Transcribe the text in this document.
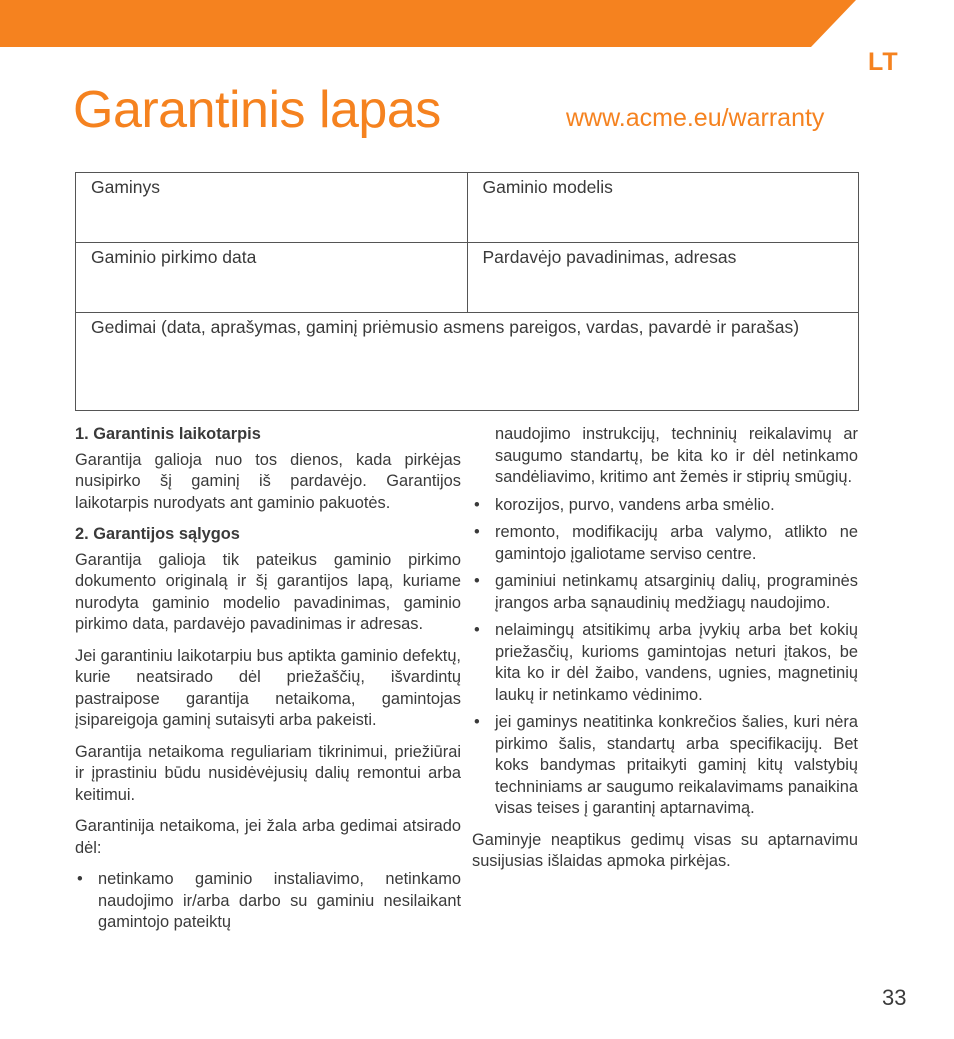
LT
Garantinis lapas	www.acme.eu/warranty
Gaminys	Gaminio modelis
Gaminio pirkimo data	Pardavėjo pavadinimas, adresas
Gedimai (data, aprašymas, gaminį priėmusio asmens pareigos, vardas, pavardė ir parašas)	
1. Garantinis laikotarpis

Garantija galioja nuo tos dienos, kada pirkėjas nusipirko šį gaminį iš pardavėjo. Garantijos laikotarpis nurodyats ant gaminio pakuotės.

2. Garantijos sąlygos

Garantija galioja tik pateikus gaminio pirkimo dokumento originalą ir šį garantijos lapą, kuriame nurodyta gaminio modelio pavadinimas, gaminio pirkimo data, pardavėjo pavadinimas ir adresas.

Jei garantiniu laikotarpiu bus aptikta gaminio defektų, kurie neatsirado dėl priežaščių, išvardintų pastraipose garantija netaikoma, gamintojas įsipareigoja gaminį sutaisyti arba pakeisti.

Garantija netaikoma reguliariam tikrinimui, priežiūrai ir įprastiniu būdu nusidėvėjusių dalių remontui arba keitimui.

Garantinija netaikoma, jei žala arba gedimai atsirado dėl:

• netinkamo gaminio instaliavimo, netinkamo naudojimo ir/arba darbo su gaminiu nesilaikant gamintojo pateiktų
naudojimo instrukcijų, techninių reikalavimų ar saugumo standartų, be kita ko ir dėl netinkamo sandėliavimo, kritimo ant žemės ir stiprių smūgių.
• korozijos, purvo, vandens arba smėlio.
• remonto, modifikacijų arba valymo, atlikto ne gamintojo įgaliotame serviso centre.
• gaminiui netinkamų atsarginių dalių, programinės įrangos arba sąnaudinių medžiagų naudojimo.
• nelaimingų atsitikimų arba įvykių arba bet kokių priežasčių, kurioms gamintojas neturi įtakos, be kita ko ir dėl žaibo, vandens, ugnies, magnetinių laukų ir netinkamo vėdinimo.
• jei gaminys neatitinka konkrečios šalies, kuri nėra pirkimo šalis, standartų arba specifikacijų. Bet koks bandymas pritaikyti gaminį kitų valstybių techniniams ar saugumo reikalavimams panaikina visas teises į garantinį aptarnavimą.

Gaminyje neaptikus gedimų visas su aptarnavimu susijusias išlaidas apmoka pirkėjas.

33
